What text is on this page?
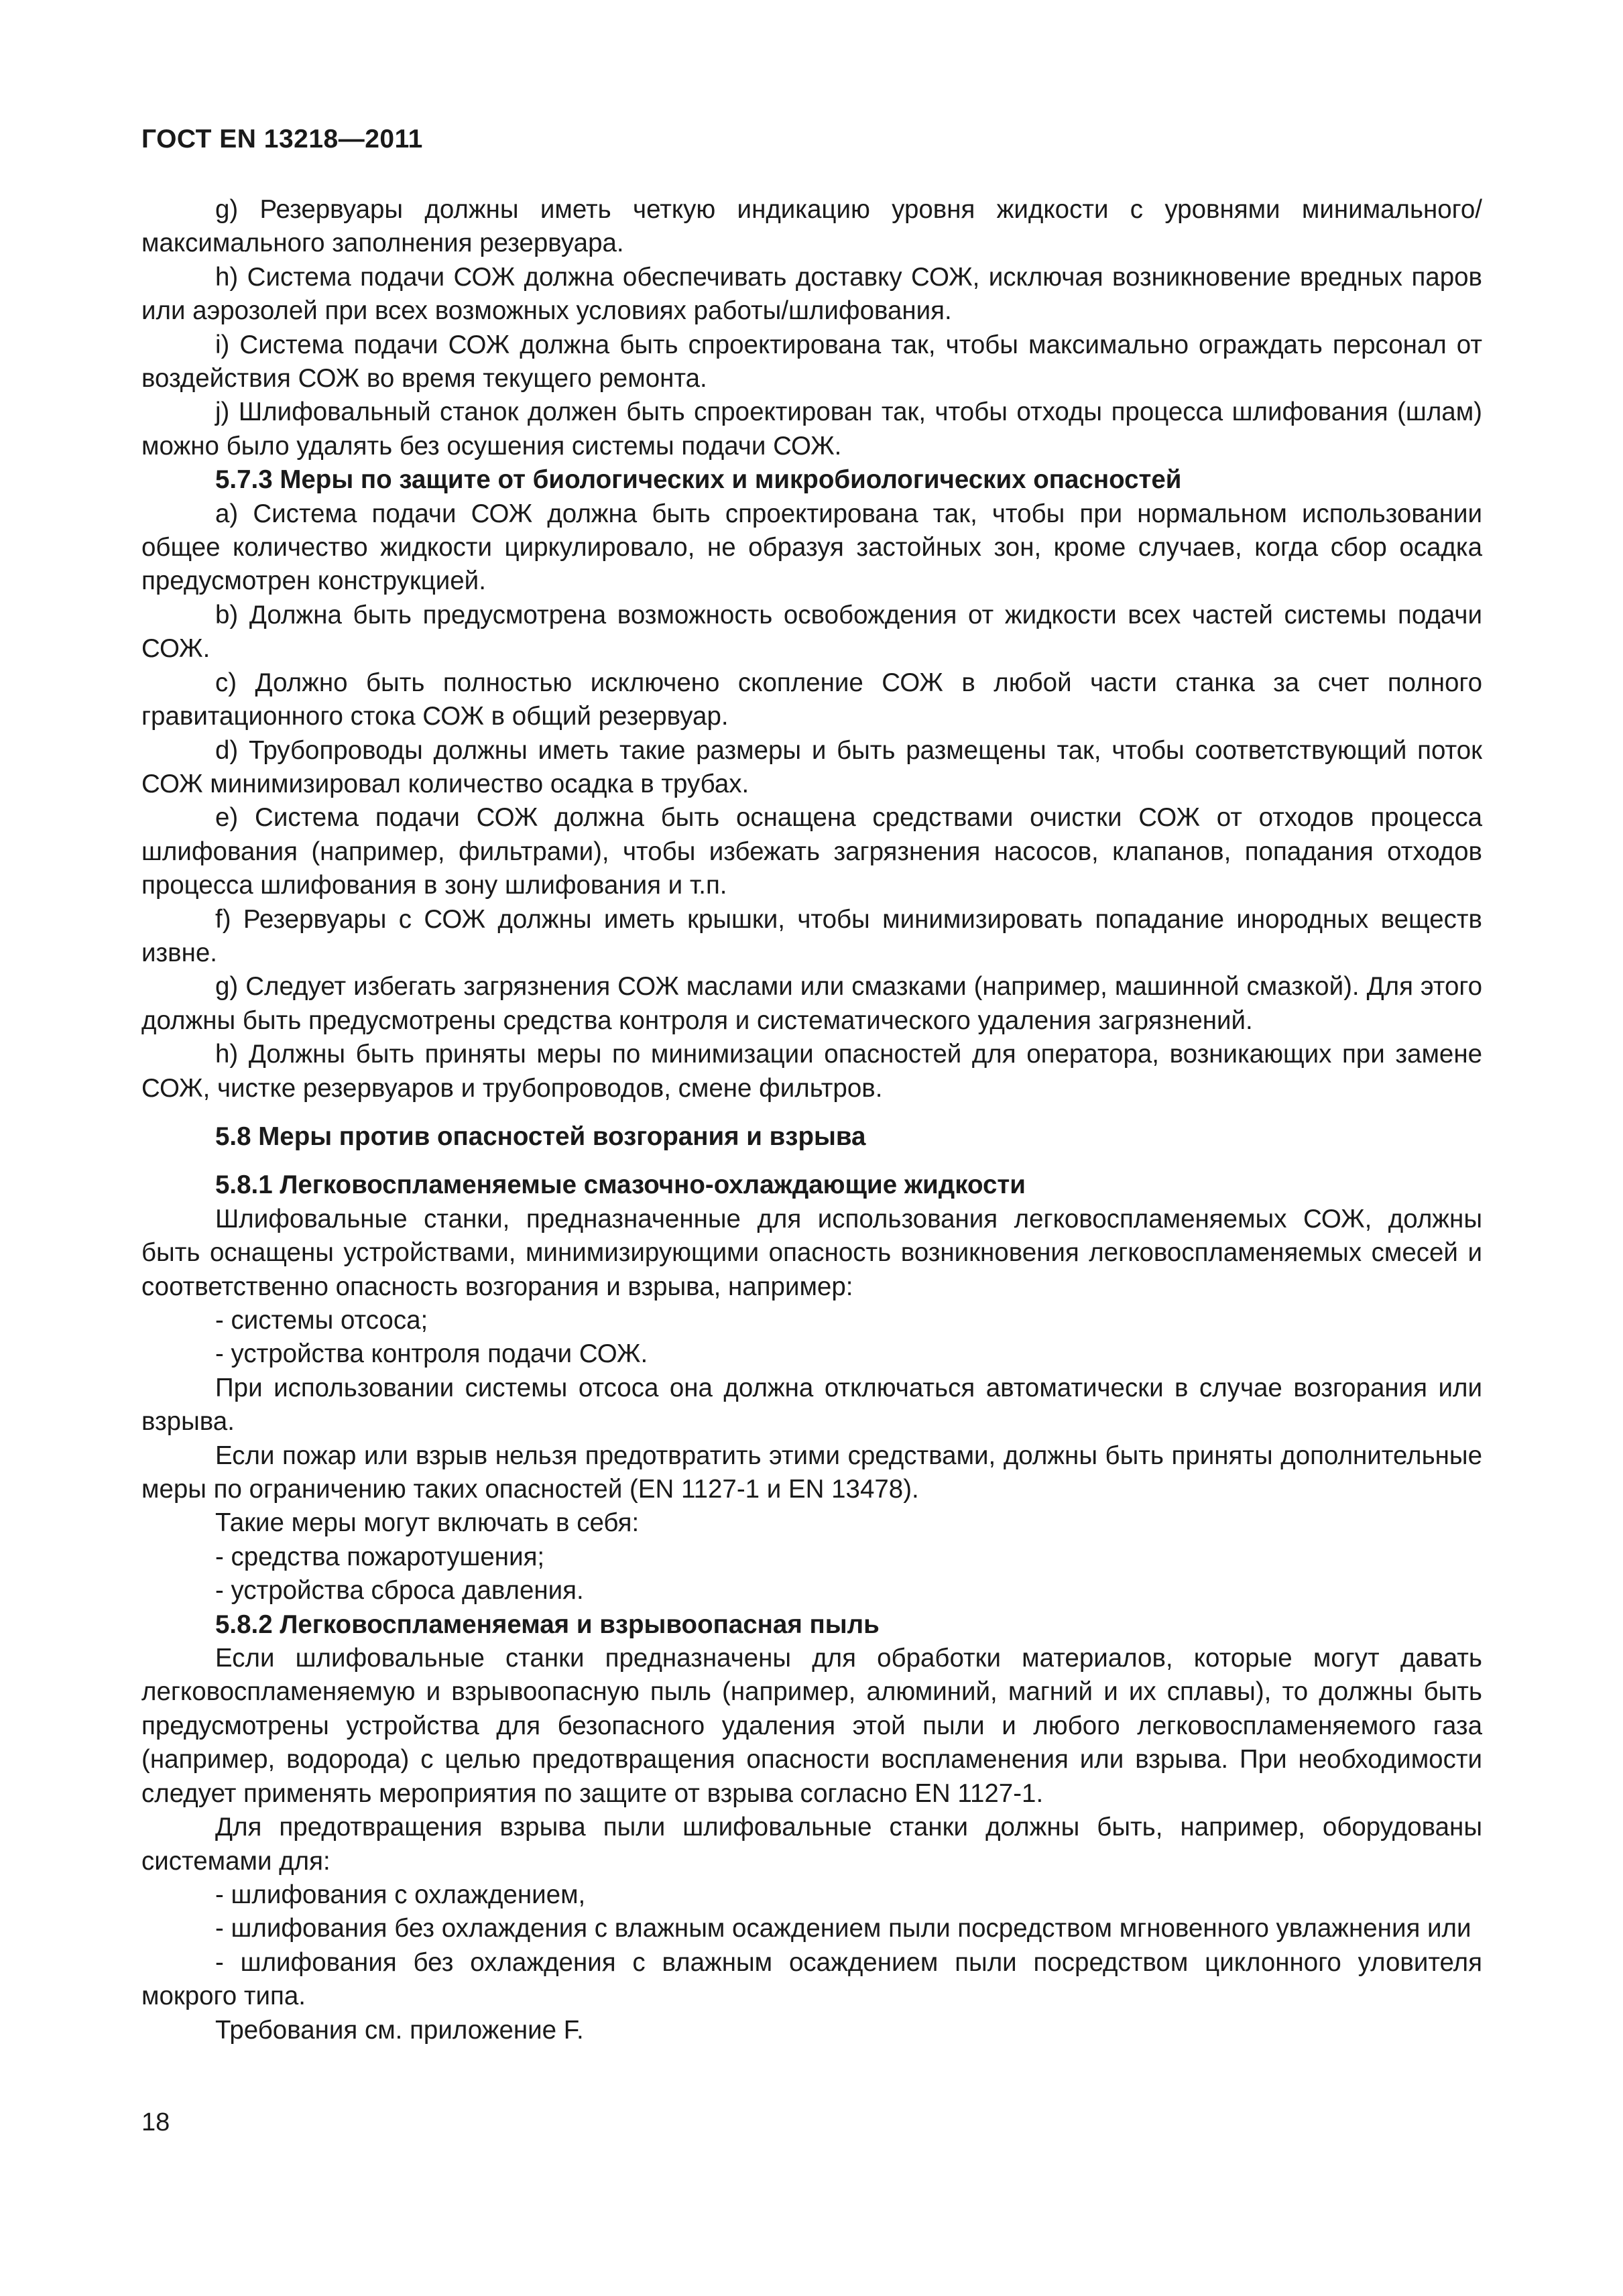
ГОСТ EN 13218—2011

g) Резервуары должны иметь четкую индикацию уровня жидкости с уровнями минимального/максимального заполнения резервуара.

h) Система подачи СОЖ должна обеспечивать доставку СОЖ, исключая возникновение вредных паров или аэрозолей при всех возможных условиях работы/шлифования.

i) Система подачи СОЖ должна быть спроектирована так, чтобы максимально ограждать персонал от воздействия СОЖ во время текущего ремонта.

j) Шлифовальный станок должен быть спроектирован так, чтобы отходы процесса шлифования (шлам) можно было удалять без осушения системы подачи СОЖ.

5.7.3 Меры по защите от биологических и микробиологических опасностей

a) Система подачи СОЖ должна быть спроектирована так, чтобы при нормальном использовании общее количество жидкости циркулировало, не образуя застойных зон, кроме случаев, когда сбор осадка предусмотрен конструкцией.

b) Должна быть предусмотрена возможность освобождения от жидкости всех частей системы подачи СОЖ.

c) Должно быть полностью исключено скопление СОЖ в любой части станка за счет полного гравитационного стока СОЖ в общий резервуар.

d) Трубопроводы должны иметь такие размеры и быть размещены так, чтобы соответствующий поток СОЖ минимизировал количество осадка в трубах.

e) Система подачи СОЖ должна быть оснащена средствами очистки СОЖ от отходов процесса шлифования (например, фильтрами), чтобы избежать загрязнения насосов, клапанов, попадания отходов процесса шлифования в зону шлифования и т.п.

f) Резервуары с СОЖ должны иметь крышки, чтобы минимизировать попадание инородных веществ извне.

g) Следует избегать загрязнения СОЖ маслами или смазками (например, машинной смазкой). Для этого должны быть предусмотрены средства контроля и систематического удаления загрязнений.

h) Должны быть приняты меры по минимизации опасностей для оператора, возникающих при замене СОЖ, чистке резервуаров и трубопроводов, смене фильтров.

5.8 Меры против опасностей возгорания и взрыва

5.8.1 Легковоспламеняемые смазочно-охлаждающие жидкости

Шлифовальные станки, предназначенные для использования легковоспламеняемых СОЖ, должны быть оснащены устройствами, минимизирующими опасность возникновения легковоспламеняемых смесей и соответственно опасность возгорания и взрыва, например:

- системы отсоса;

- устройства контроля подачи СОЖ.

При использовании системы отсоса она должна отключаться автоматически в случае возгорания или взрыва.

Если пожар или взрыв нельзя предотвратить этими средствами, должны быть приняты дополнительные меры по ограничению таких опасностей (EN 1127-1 и EN 13478).

Такие меры могут включать в себя:

- средства пожаротушения;

- устройства сброса давления.

5.8.2 Легковоспламеняемая и взрывоопасная пыль

Если шлифовальные станки предназначены для обработки материалов, которые могут давать легковоспламеняемую и взрывоопасную пыль (например, алюминий, магний и их сплавы), то должны быть предусмотрены устройства для безопасного удаления этой пыли и любого легковоспламеняемого газа (например, водорода) с целью предотвращения опасности воспламенения или взрыва. При необходимости следует применять мероприятия по защите от взрыва согласно EN 1127-1.

Для предотвращения взрыва пыли шлифовальные станки должны быть, например, оборудованы системами для:

- шлифования с охлаждением,

- шлифования без охлаждения с влажным осаждением пыли посредством мгновенного увлажнения или

- шлифования без охлаждения с влажным осаждением пыли посредством циклонного уловителя мокрого типа.

Требования см. приложение F.

18
